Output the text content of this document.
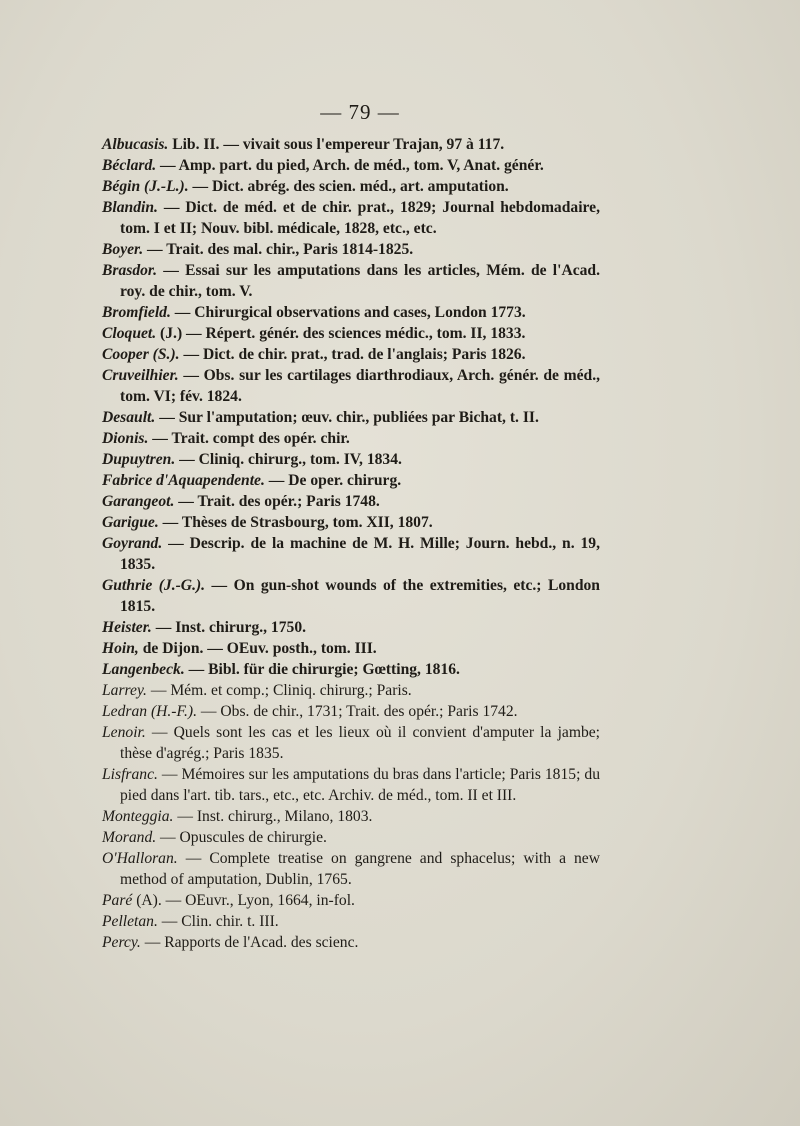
— 79 —
Albucasis. Lib. II. — vivait sous l'empereur Trajan, 97 à 117.
Béclard. — Amp. part. du pied, Arch. de méd., tom. V, Anat. génér.
Bégin (J.-L.). — Dict. abrég. des scien. méd., art. amputation.
Blandin. — Dict. de méd. et de chir. prat., 1829; Journal hebdomadaire, tom. I et II; Nouv. bibl. médicale, 1828, etc., etc.
Boyer. — Trait. des mal. chir., Paris 1814-1825.
Brasdor. — Essai sur les amputations dans les articles, Mém. de l'Acad. roy. de chir., tom. V.
Bromfield. — Chirurgical observations and cases, London 1773.
Cloquet. (J.) — Répert. génér. des sciences médic., tom. II, 1833.
Cooper (S.). — Dict. de chir. prat., trad. de l'anglais; Paris 1826.
Cruveilhier. — Obs. sur les cartilages diarthrodiaux, Arch. génér. de méd., tom. VI; fév. 1824.
Desault. — Sur l'amputation; œuv. chir., publiées par Bichat, t. II.
Dionis. — Trait. compt des opér. chir.
Dupuytren. — Cliniq. chirurg., tom. IV, 1834.
Fabrice d'Aquapendente. — De oper. chirurg.
Garangeot. — Trait. des opér.; Paris 1748.
Garigue. — Thèses de Strasbourg, tom. XII, 1807.
Goyrand. — Descrip. de la machine de M. H. Mille; Journ. hebd., n. 19, 1835.
Guthrie (J.-G.). — On gun-shot wounds of the extremities, etc.; London 1815.
Heister. — Inst. chirurg., 1750.
Hoin, de Dijon. — OEuv. posth., tom. III.
Langenbeck. — Bibl. für die chirurgie; Gœtting, 1816.
Larrey. — Mém. et comp.; Cliniq. chirurg.; Paris.
Ledran (H.-F.). — Obs. de chir., 1731; Trait. des opér.; Paris 1742.
Lenoir. — Quels sont les cas et les lieux où il convient d'amputer la jambe; thèse d'agrég.; Paris 1835.
Lisfranc. — Mémoires sur les amputations du bras dans l'article; Paris 1815; du pied dans l'art. tib. tars., etc., etc. Archiv. de méd., tom. II et III.
Monteggia. — Inst. chirurg., Milano, 1803.
Morand. — Opuscules de chirurgie.
O'Halloran. — Complete treatise on gangrene and sphacelus; with a new method of amputation, Dublin, 1765.
Paré (A). — OEuvr., Lyon, 1664, in-fol.
Pelletan. — Clin. chir. t. III.
Percy. — Rapports de l'Acad. des scienc.
